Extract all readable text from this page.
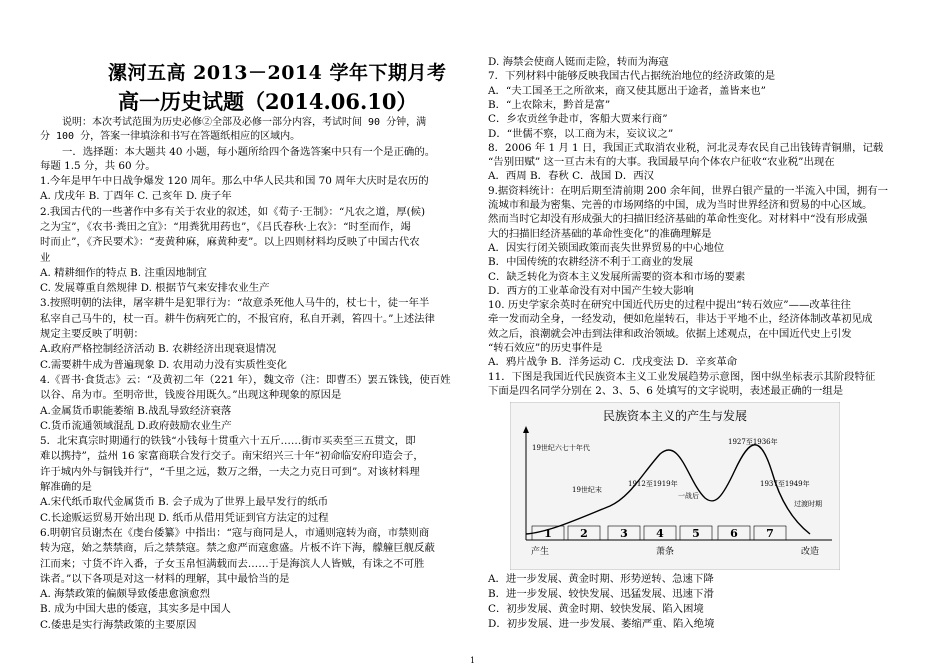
漯河五高 2013－2014 学年下期月考
高一历史试题（2014.06.10）
说明：本次考试范围为历史必修②全部及必修一部分内容，考试时间 90 分钟，满
分 100 分，答案一律填涂和书写在答题纸相应的区域内。
一．选择题：本大题共 40 小题，每小题所给四个备选答案中只有一个是正确的。
每题 1.5 分，共 60 分。
1.今年是甲午中日战争爆发 120 周年。那么中华人民共和国 70 周年大庆时是农历的
A. 戊戌年 B. 丁酉年 C. 己亥年 D. 庚子年
2.我国古代的一些著作中多有关于农业的叙述，如《荀子·王制》：“凡农之道，厚(候)
之为宝”，《农书·粪田之宜》：“用粪犹用药也”，《吕氏春秋·上农》：“时至而作，竭
时而止”，《齐民要术》：“麦黄种麻，麻黄种麦”。以上四则材料均反映了中国古代农
业
A. 精耕细作的特点 B. 注重因地制宜
C. 发展尊重自然规律 D. 根据节气来安排农业生产
3.按照明朝的法律，屠宰耕牛是犯罪行为：“故意杀死他人马牛的，杖七十，徒一年半
私宰自己马牛的，杖一百。耕牛伤病死亡的，不报官府，私自开剥，笞四十。”上述法律
规定主要反映了明朝：
A.政府严格控制经济活动 B. 农耕经济出现衰退情况
C.需要耕牛成为普遍现象 D. 农用动力没有实质性变化
4.《晋书·食货志》云：“及黄初二年（221 年），魏文帝（注：即曹丕）罢五铢钱，使百姓
以谷、帛为市。至明帝世，钱废谷用既久。”出现这种现象的原因是
A.金属货币职能萎缩 B.战乱导致经济衰落
C.货币流通领域混乱 D.政府鼓励农业生产
5．北宋真宗时期通行的铁钱“小钱每十贯重六十五斤……街市买卖至三五贯文，即
难以携持”，益州 16 家富商联合发行交子。南宋绍兴三十年“初命临安府印造会子，
许于城内外与铜钱并行”，“千里之远，数万之缗，一夫之力克日可到”。对该材料理
解准确的是
A.宋代纸币取代金属货币 B. 会子成为了世界上最早发行的纸币
C.长途贩运贸易开始出现 D. 纸币从借用凭证到官方法定的过程
6.明朝官员谢杰在《虔台倭纂》中指出：“寇与商同是人，市通则寇转为商，市禁则商
转为寇，始之禁禁商，后之禁禁寇。禁之愈严而寇愈盛。片板不许下海，艨艟巨舰反蔽
江而来；寸货不许入番，子女玉帛恒满载而去……于是海滨人人皆贼，有诛之不可胜
诛者。”以下各项是对这一材料的理解，其中最恰当的是
A. 海禁政策的偏颇导致倭患愈演愈烈
B. 成为中国大患的倭寇，其实多是中国人
C.倭患是实行海禁政策的主要原因
D. 海禁会使商人铤而走险，转而为海寇
7．下列材料中能够反映我国古代占据统治地位的经济政策的是
A．“夫工国圣王之所欲来，商又使其愿出于途者，盖皆来也”
B．“上农除末，黔首是富”
C．乡农贡丝争赴市，客船大贾来行商”
D．“世儒不察，以工商为末，妄议议之”
8．2006 年 1 月 1 日，我国正式取消农业税，河北灵寿农民自己出钱铸青铜鼎，记载
“告别田赋” 这一亘古未有的大事。我国最早向个体农户征收“农业税”出现在
A．西周 B．春秋 C．战国 D．西汉
9.据资料统计：在明后期至清前期 200 余年间，世界白银产量的一半流入中国，拥有一
流城市和最为密集、完善的市场网络的中国，成为当时世界经济和贸易的中心区域。
然而当时它却没有形成强大的扫描旧经济基础的革命性变化。对材料中“没有形成强
大的扫描旧经济基础的革命性变化”的准确理解是
A．因实行闭关锁国政策而丧失世界贸易的中心地位
B．中国传统的农耕经济不利于工商业的发展
C．缺乏转化为资本主义发展所需要的资本和市场的要素
D．西方的工业革命没有对中国产生较大影响
10. 历史学家余英时在研究中国近代历史的过程中提出“转石效应”——改革往往
牵一发而动全身，一经发动，便如危崖转石，非达于平地不止，经济体制改革初见成
效之后，浪潮就会冲击到法律和政治领域。依据上述观点，在中国近代史上引发
“转石效应”的历史事件是
A．鸦片战争 B．洋务运动 C．戊戌变法 D．辛亥革命
11．下图是我国近代民族资本主义工业发展趋势示意图，图中纵坐标表示其阶段特征
下面是四名同学分别在 2、3、5、6 处填写的文字说明，表述最正确的一组是
A．进一步发展、黄金时期、形势逆转、急速下降
B．进一步发展、较快发展、迅猛发展、迅速下滑
C．初步发展、黄金时期、较快发展、陷入困境
D．初步发展、进一步发展、萎缩严重、陷入绝境
民族资本主义的产生与发展
1	2	3	4	5	6	7
19世纪六七十年代
19世纪末
1912至1919年
一战后
1927至1936年
1937至1949年
过渡时期
产生	萧条	改造
1
